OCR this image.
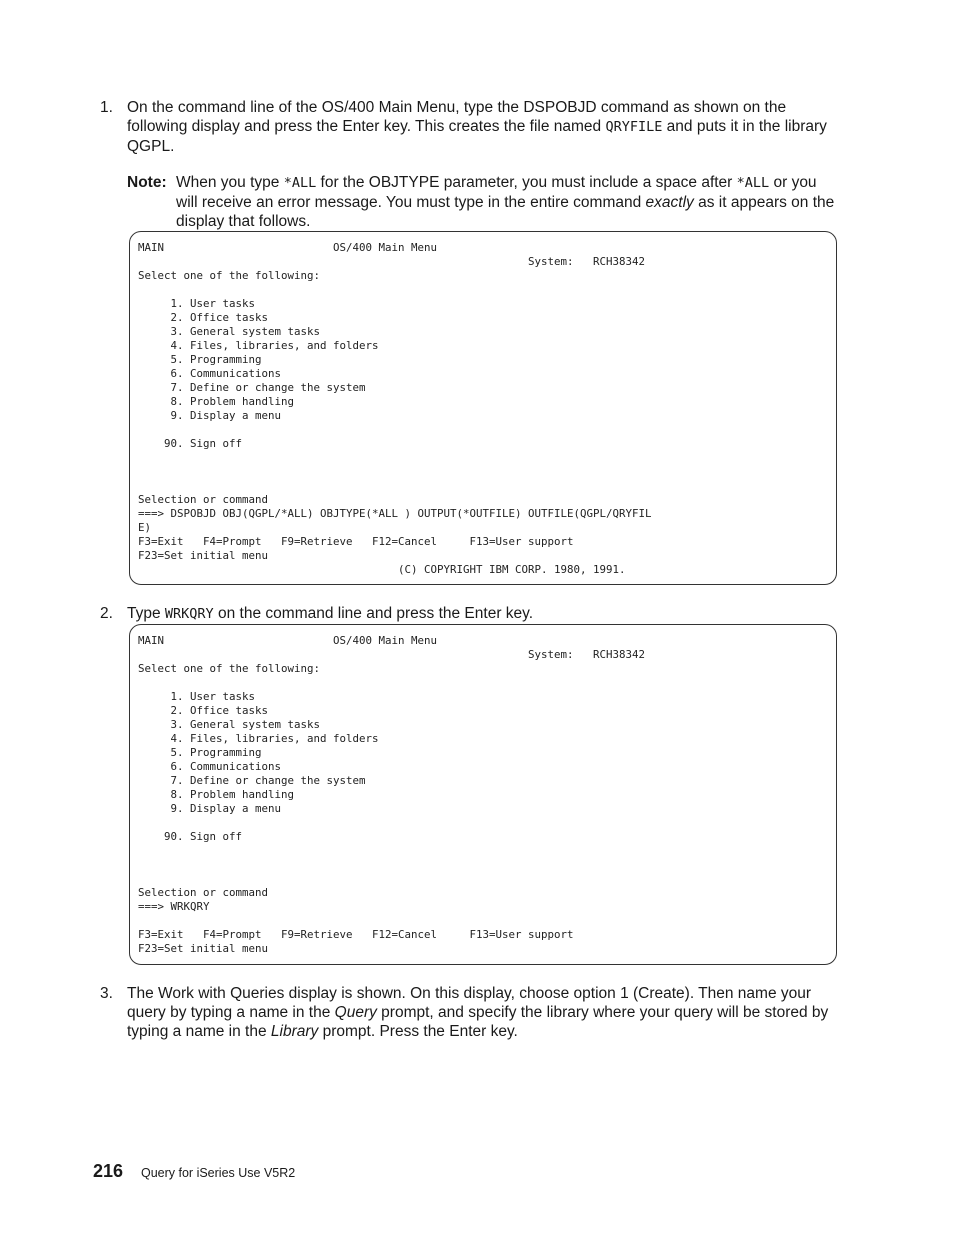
1. On the command line of the OS/400 Main Menu, type the DSPOBJD command as shown on the following display and press the Enter key. This creates the file named QRYFILE and puts it in the library QGPL.
Note: When you type *ALL for the OBJTYPE parameter, you must include a space after *ALL or you will receive an error message. You must type in the entire command exactly as it appears on the display that follows.
MAIN                          OS/400 Main Menu
System:   RCH38342
Select one of the following:

1. User tasks
2. Office tasks
3. General system tasks
4. Files, libraries, and folders
5. Programming
6. Communications
7. Define or change the system
8. Problem handling
9. Display a menu

90. Sign off

Selection or command
===> DSPOBJD OBJ(QGPL/*ALL) OBJTYPE(*ALL ) OUTPUT(*OUTFILE) OUTFILE(QGPL/QRYFIL
E)
F3=Exit   F4=Prompt   F9=Retrieve   F12=Cancel     F13=User support
F23=Set initial menu
(C) COPYRIGHT IBM CORP. 1980, 1991.
2. Type WRKQRY on the command line and press the Enter key.
MAIN                          OS/400 Main Menu
System:   RCH38342
Select one of the following:

1. User tasks
2. Office tasks
3. General system tasks
4. Files, libraries, and folders
5. Programming
6. Communications
7. Define or change the system
8. Problem handling
9. Display a menu

90. Sign off

Selection or command
===> WRKQRY

F3=Exit   F4=Prompt   F9=Retrieve   F12=Cancel     F13=User support
F23=Set initial menu
3. The Work with Queries display is shown. On this display, choose option 1 (Create). Then name your query by typing a name in the Query prompt, and specify the library where your query will be stored by typing a name in the Library prompt. Press the Enter key.
216 Query for iSeries Use V5R2
